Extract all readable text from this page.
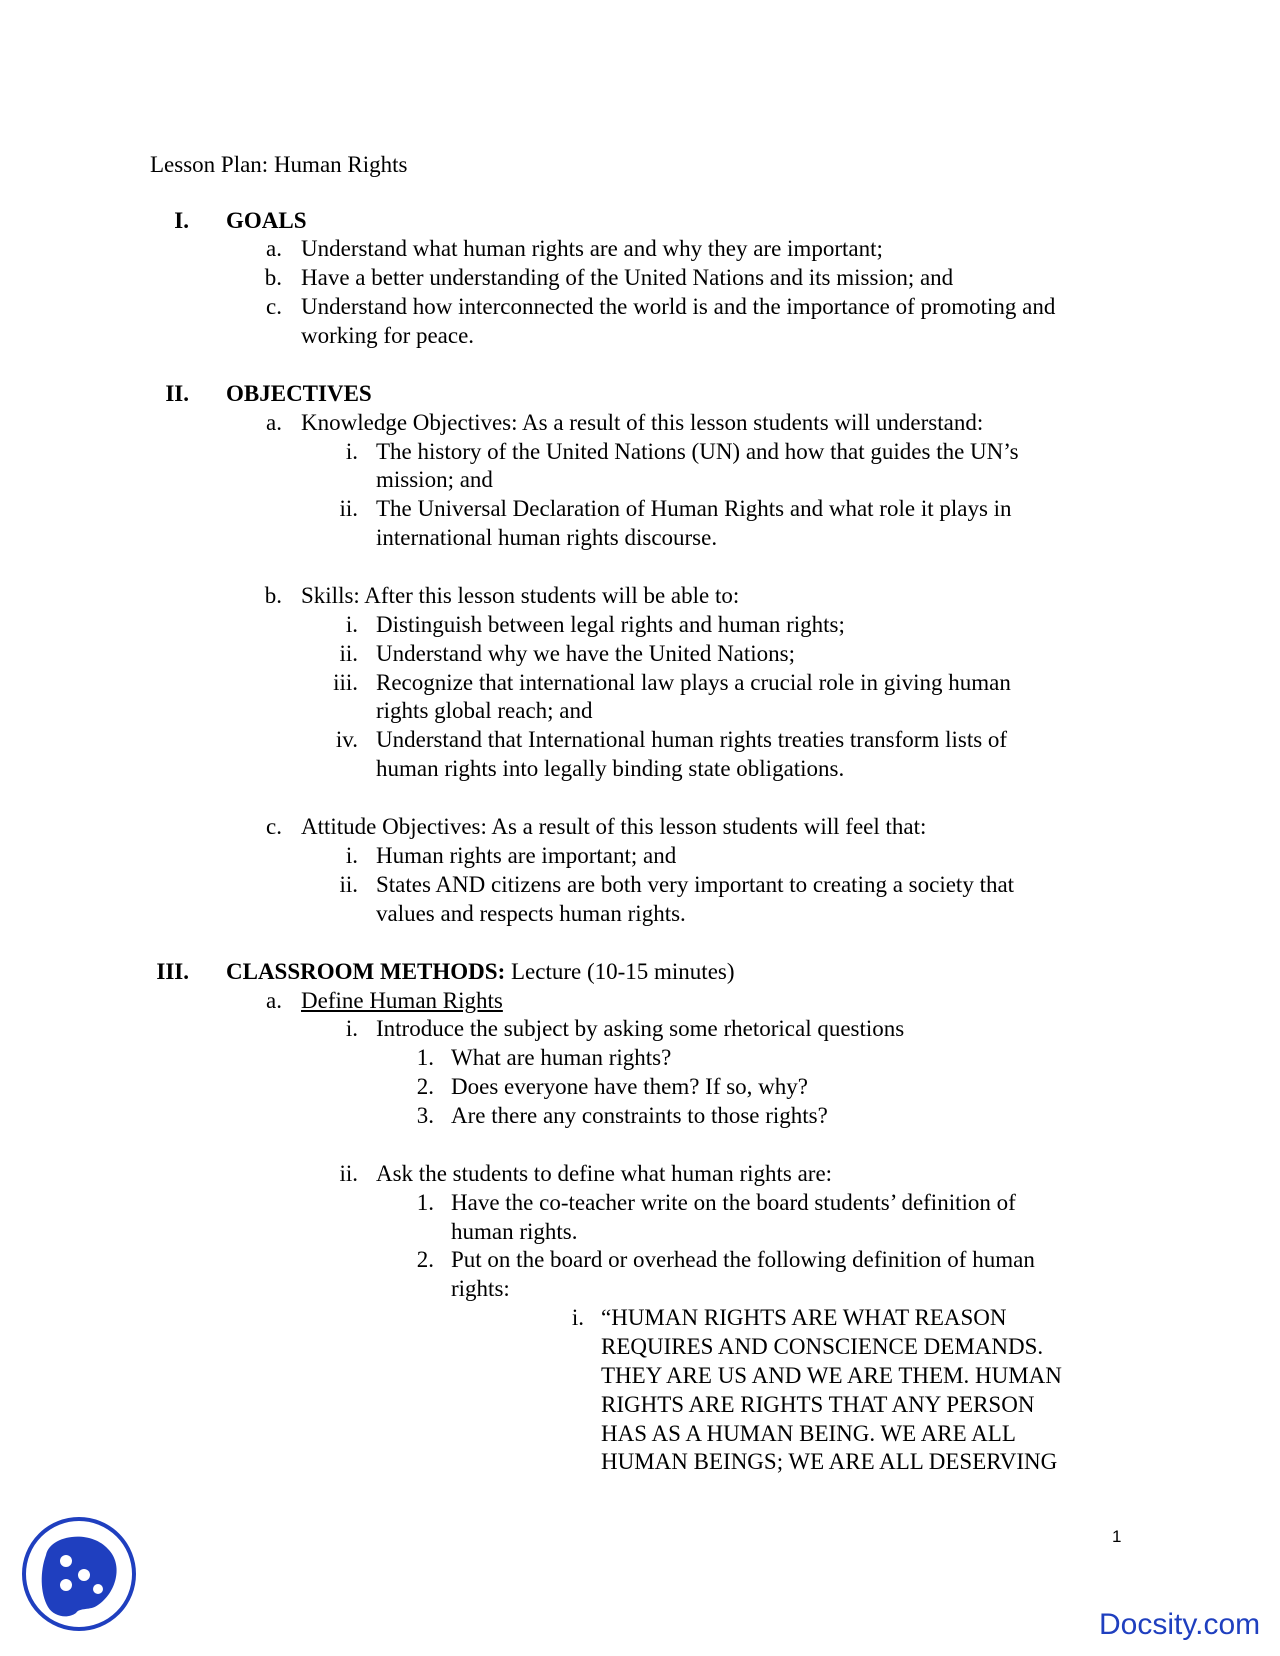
Lesson Plan: Human Rights
I. GOALS
a. Understand what human rights are and why they are important;
b. Have a better understanding of the United Nations and its mission; and
c. Understand how interconnected the world is and the importance of promoting and
working for peace.
II. OBJECTIVES
a. Knowledge Objectives: As a result of this lesson students will understand:
i. The history of the United Nations (UN) and how that guides the UN’s
mission; and
ii. The Universal Declaration of Human Rights and what role it plays in
international human rights discourse.
b. Skills: After this lesson students will be able to:
i. Distinguish between legal rights and human rights;
ii. Understand why we have the United Nations;
iii. Recognize that international law plays a crucial role in giving human
rights global reach; and
iv. Understand that International human rights treaties transform lists of
human rights into legally binding state obligations.
c. Attitude Objectives: As a result of this lesson students will feel that:
i. Human rights are important; and
ii. States AND citizens are both very important to creating a society that
values and respects human rights.
III. CLASSROOM METHODS: Lecture (10-15 minutes)
a. Define Human Rights
i. Introduce the subject by asking some rhetorical questions
1. What are human rights?
2. Does everyone have them? If so, why?
3. Are there any constraints to those rights?
ii. Ask the students to define what human rights are:
1. Have the co-teacher write on the board students’ definition of
human rights.
2. Put on the board or overhead the following definition of human
rights:
i. “HUMAN RIGHTS ARE WHAT REASON
REQUIRES AND CONSCIENCE DEMANDS.
THEY ARE US AND WE ARE THEM. HUMAN
RIGHTS ARE RIGHTS THAT ANY PERSON
HAS AS A HUMAN BEING. WE ARE ALL
HUMAN BEINGS; WE ARE ALL DESERVING
1
Docsity.com
